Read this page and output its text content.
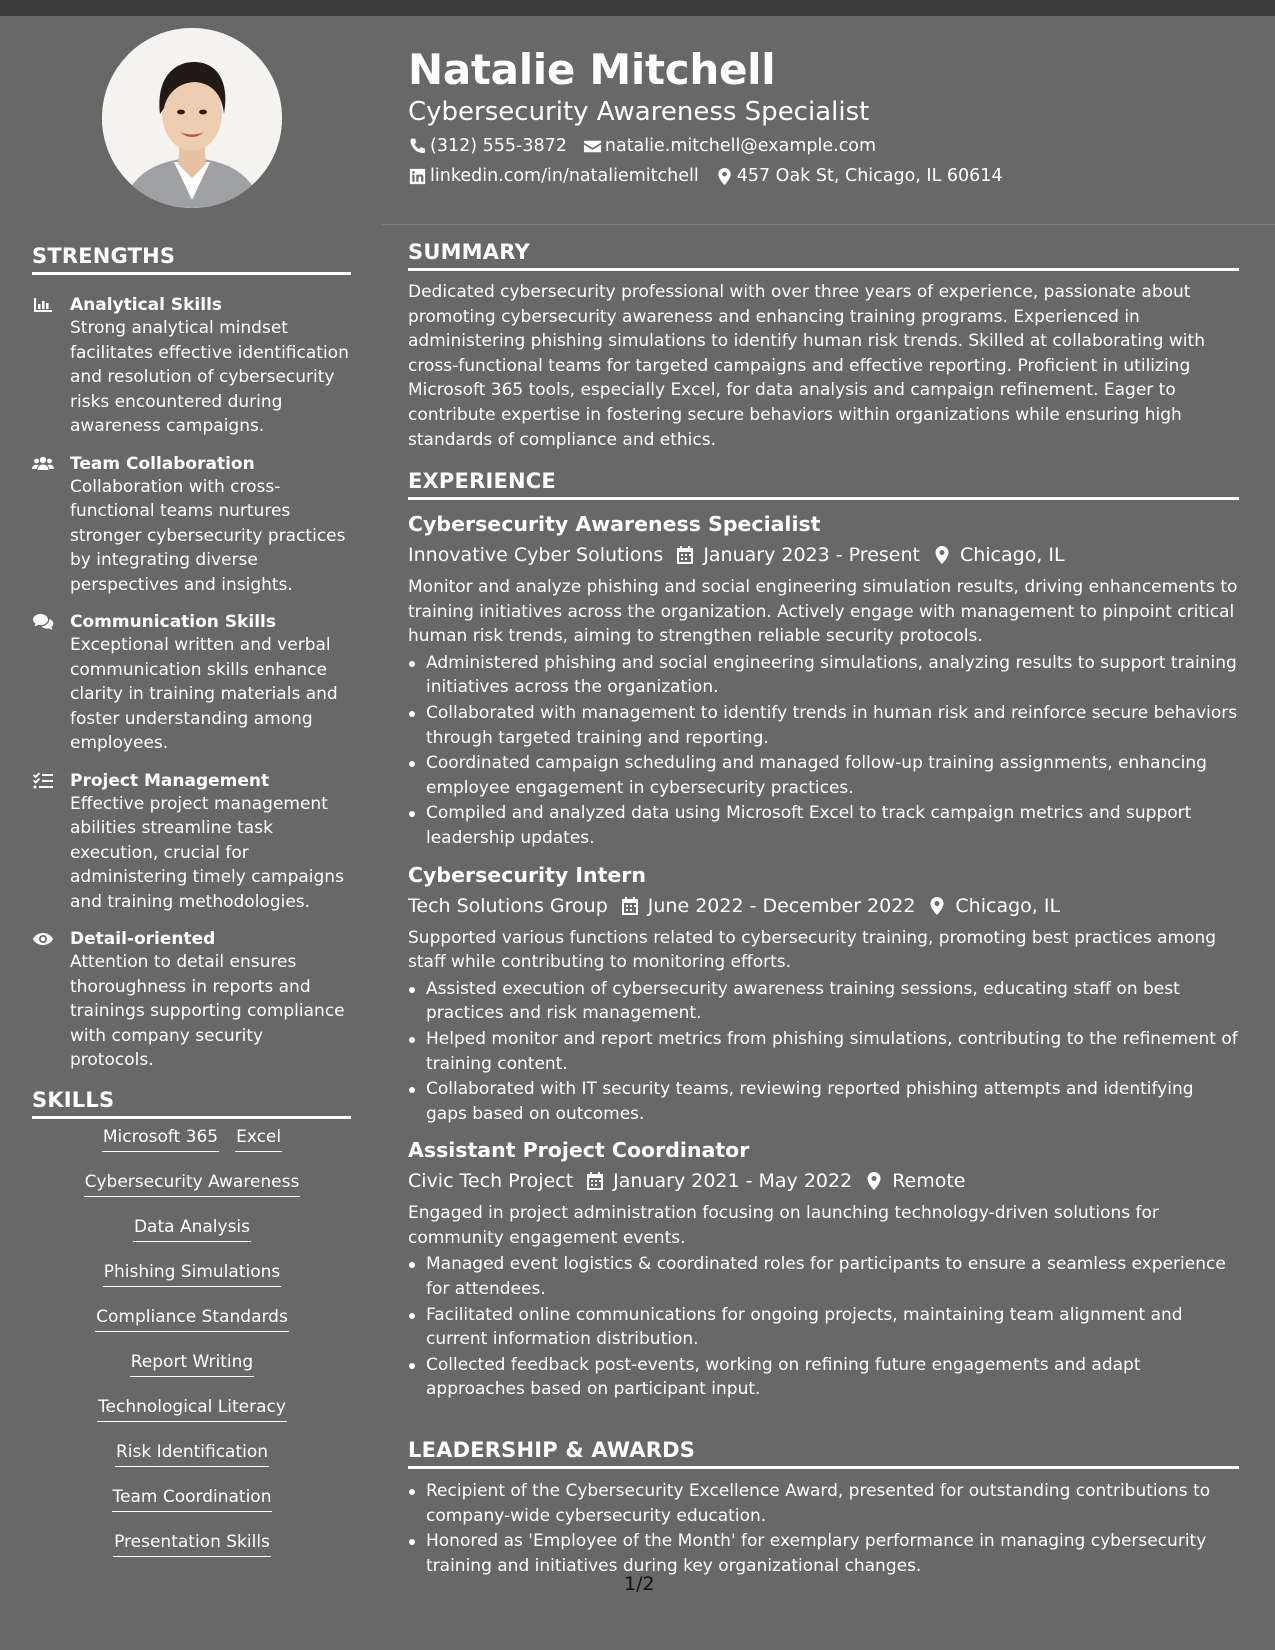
STRENGTHS
Analytical Skills
Strong analytical mindset facilitates effective identification and resolution of cybersecurity risks encountered during awareness campaigns.
Team Collaboration
Collaboration with cross-functional teams nurtures stronger cybersecurity practices by integrating diverse perspectives and insights.
Communication Skills
Exceptional written and verbal communication skills enhance clarity in training materials and foster understanding among employees.
Project Management
Effective project management abilities streamline task execution, crucial for administering timely campaigns and training methodologies.
Detail-oriented
Attention to detail ensures thoroughness in reports and trainings supporting compliance with company security protocols.
SKILLS
Microsoft 365 Excel
Cybersecurity Awareness
Data Analysis
Phishing Simulations
Compliance Standards
Report Writing
Technological Literacy
Risk Identification
Team Coordination
Presentation Skills
Natalie Mitchell
Cybersecurity Awareness Specialist
(312) 555-3872 natalie.mitchell@example.com
linkedin.com/in/nataliemitchell 457 Oak St, Chicago, IL 60614
SUMMARY
Dedicated cybersecurity professional with over three years of experience, passionate about promoting cybersecurity awareness and enhancing training programs. Experienced in administering phishing simulations to identify human risk trends. Skilled at collaborating with cross-functional teams for targeted campaigns and effective reporting. Proficient in utilizing Microsoft 365 tools, especially Excel, for data analysis and campaign refinement. Eager to contribute expertise in fostering secure behaviors within organizations while ensuring high standards of compliance and ethics.
EXPERIENCE
Cybersecurity Awareness Specialist
Innovative Cyber Solutions January 2023 - Present Chicago, IL
Monitor and analyze phishing and social engineering simulation results, driving enhancements to training initiatives across the organization. Actively engage with management to pinpoint critical human risk trends, aiming to strengthen reliable security protocols.
Administered phishing and social engineering simulations, analyzing results to support training initiatives across the organization.
Collaborated with management to identify trends in human risk and reinforce secure behaviors through targeted training and reporting.
Coordinated campaign scheduling and managed follow-up training assignments, enhancing employee engagement in cybersecurity practices.
Compiled and analyzed data using Microsoft Excel to track campaign metrics and support leadership updates.
Cybersecurity Intern
Tech Solutions Group June 2022 - December 2022 Chicago, IL
Supported various functions related to cybersecurity training, promoting best practices among staff while contributing to monitoring efforts.
Assisted execution of cybersecurity awareness training sessions, educating staff on best practices and risk management.
Helped monitor and report metrics from phishing simulations, contributing to the refinement of training content.
Collaborated with IT security teams, reviewing reported phishing attempts and identifying gaps based on outcomes.
Assistant Project Coordinator
Civic Tech Project January 2021 - May 2022 Remote
Engaged in project administration focusing on launching technology-driven solutions for community engagement events.
Managed event logistics & coordinated roles for participants to ensure a seamless experience for attendees.
Facilitated online communications for ongoing projects, maintaining team alignment and current information distribution.
Collected feedback post-events, working on refining future engagements and adapt approaches based on participant input.
LEADERSHIP & AWARDS
Recipient of the Cybersecurity Excellence Award, presented for outstanding contributions to company-wide cybersecurity education.
Honored as 'Employee of the Month' for exemplary performance in managing cybersecurity training and initiatives during key organizational changes.
1/2
